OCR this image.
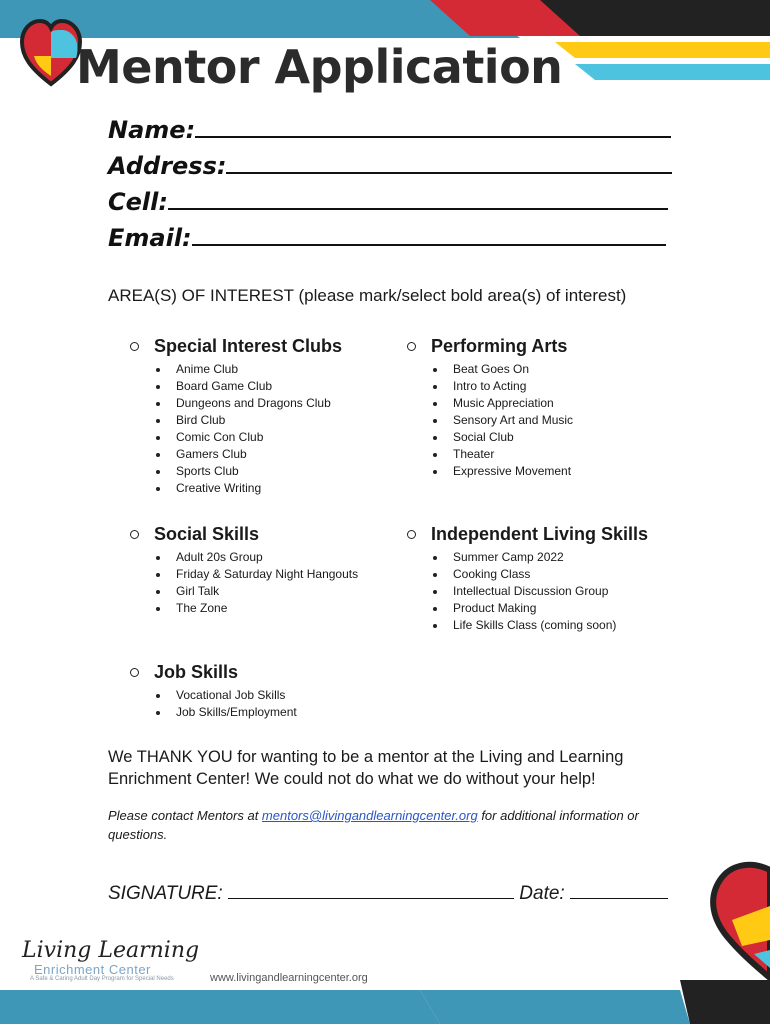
Mentor Application
Name:
Address:
Cell:
Email:
AREA(S) OF INTEREST (please mark/select bold area(s) of interest)
Special Interest Clubs
Anime Club
Board Game Club
Dungeons and Dragons Club
Bird Club
Comic Con Club
Gamers Club
Sports Club
Creative Writing
Performing Arts
Beat Goes On
Intro to Acting
Music Appreciation
Sensory Art and Music
Social Club
Theater
Expressive Movement
Social Skills
Adult 20s Group
Friday & Saturday Night Hangouts
Girl Talk
The Zone
Independent Living Skills
Summer Camp 2022
Cooking Class
Intellectual Discussion Group
Product Making
Life Skills Class (coming soon)
Job Skills
Vocational Job Skills
Job Skills/Employment
We THANK YOU for wanting to be a mentor at the Living and Learning Enrichment Center! We could not do what we do without your help!
Please contact Mentors at mentors@livingandlearningcenter.org for additional information or questions.
SIGNATURE:	Date:
Living Learning
Enrichment Center
A Safe & Caring Adult Day Program for Special Needs	www.livingandlearningcenter.org
